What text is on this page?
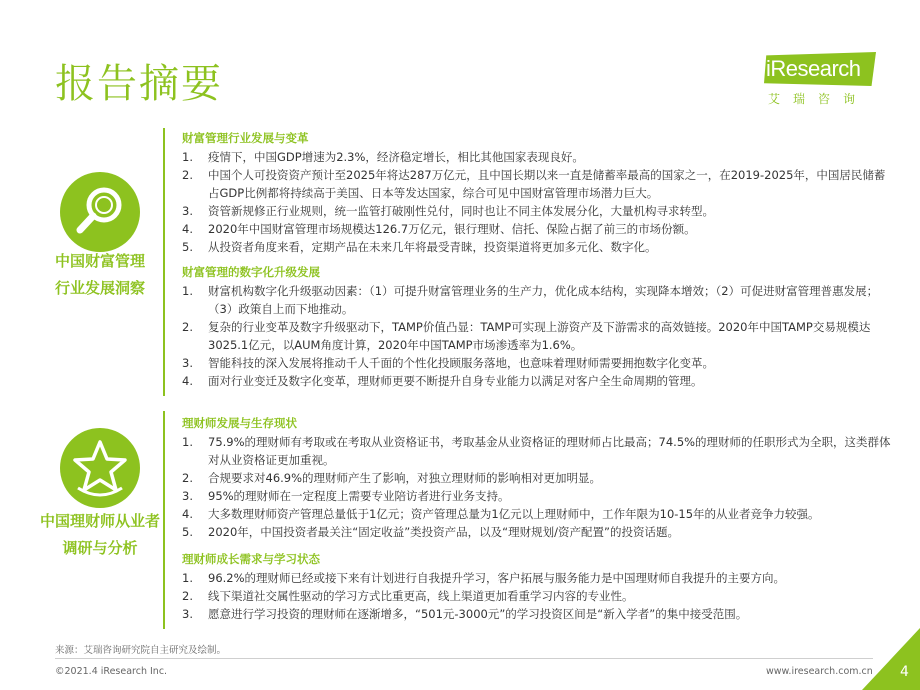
报告摘要	iResearch
艾瑞咨询
中国财富管理
行业发展洞察
中国理财师从业者
调研与分析
财富管理行业发展与变革
1. 疫情下，中国GDP增速为2.3%，经济稳定增长，相比其他国家表现良好。
2. 中国个人可投资资产预计至2025年将达287万亿元，且中国长期以来一直是储蓄率最高的国家之一，在2019-2025年，中国居民储蓄占GDP比例都将持续高于美国、日本等发达国家，综合可见中国财富管理市场潜力巨大。
3. 资管新规修正行业规则，统一监管打破刚性兑付，同时也让不同主体发展分化，大量机构寻求转型。
4. 2020年中国财富管理市场规模达126.7万亿元，银行理财、信托、保险占据了前三的市场份额。
5. 从投资者角度来看，定期产品在未来几年将最受青睐，投资渠道将更加多元化、数字化。
财富管理的数字化升级发展
1. 财富机构数字化升级驱动因素：（1）可提升财富管理业务的生产力，优化成本结构，实现降本增效；（2）可促进财富管理普惠发展；（3）政策自上而下地推动。
2. 复杂的行业变革及数字升级驱动下，TAMP价值凸显：TAMP可实现上游资产及下游需求的高效链接。2020年中国TAMP交易规模达3025.1亿元，以AUM角度计算，2020年中国TAMP市场渗透率为1.6%。
3. 智能科技的深入发展将推动千人千面的个性化投顾服务落地，也意味着理财师需要拥抱数字化变革。
4. 面对行业变迁及数字化变革，理财师更要不断提升自身专业能力以满足对客户全生命周期的管理。
理财师发展与生存现状
1. 75.9%的理财师有考取或在考取从业资格证书，考取基金从业资格证的理财师占比最高；74.5%的理财师的任职形式为全职，这类群体对从业资格证更加重视。
2. 合规要求对46.9%的理财师产生了影响，对独立理财师的影响相对更加明显。
3. 95%的理财师在一定程度上需要专业陪访者进行业务支持。
4. 大多数理财师资产管理总量低于1亿元；资产管理总量为1亿元以上理财师中，工作年限为10-15年的从业者竞争力较强。
5. 2020年，中国投资者最关注“固定收益”类投资产品，以及“理财规划/资产配置”的投资话题。
理财师成长需求与学习状态
1. 96.2%的理财师已经或接下来有计划进行自我提升学习，客户拓展与服务能力是中国理财师自我提升的主要方向。
2. 线下渠道社交属性驱动的学习方式比重更高，线上渠道更加看重学习内容的专业性。
3. 愿意进行学习投资的理财师在逐渐增多，“501元-3000元”的学习投资区间是“新入学者”的集中接受范围。
来源：艾瑞咨询研究院自主研究及绘制。
©2021.4 iResearch Inc.	www.iresearch.com.cn 4
